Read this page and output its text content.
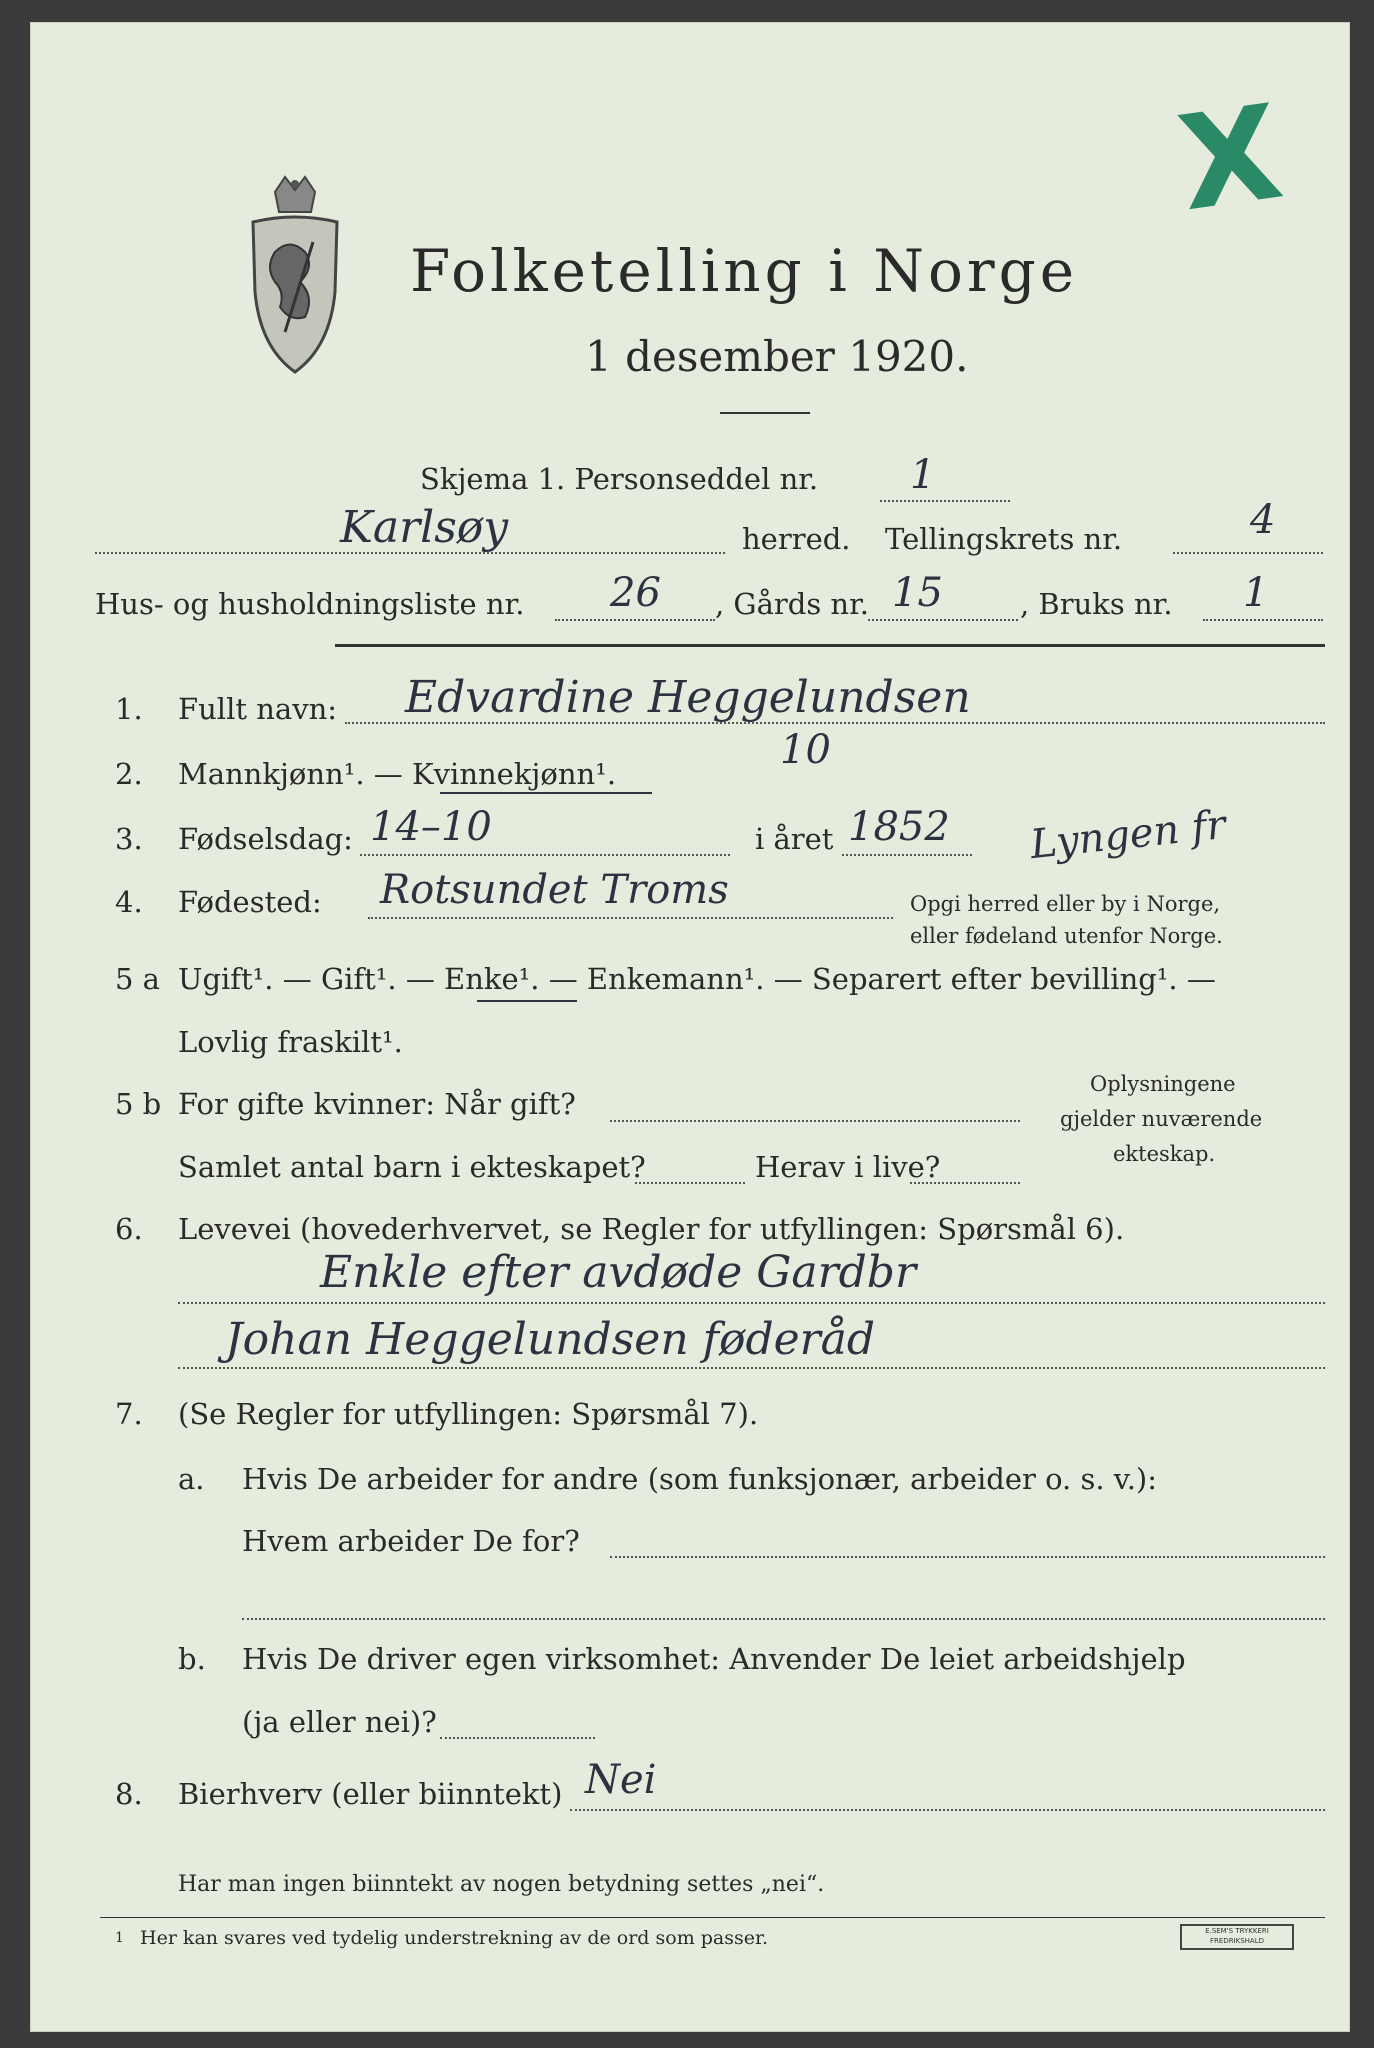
X
Folketelling i Norge
1 desember 1920.
Skjema 1. Personseddel nr. 1
Karlsøy	herred. Tellingskrets nr.	4
Hus- og husholdningsliste nr. 26 , Gårds nr. 15	, Bruks nr. 1
1. Fullt navn: Edvardine Heggelundsen
2. Mannkjønn¹. — Kvinnekjønn¹.
10
3. Fødselsdag: 14–10	i året 1852 Lyngen fr
4. Fødested: Rotsundet Troms	Opgi herred eller by i Norge,
eller fødeland utenfor Norge.
5 a Ugift¹. — Gift¹. — Enke¹. — Enkemann¹. — Separert efter bevilling¹. —
Lovlig fraskilt¹.
5 b For gifte kvinner: Når gift?
Samlet antal barn i ekteskapet?	Herav i live?
Oplysningene
gjelder nuværende
ekteskap.
6. Levevei (hovederhvervet, se Regler for utfyllingen: Spørsmål 6).
Enkle efter avdøde Gardbr
Johan Heggelundsen føderåd
7. (Se Regler for utfyllingen: Spørsmål 7).
a. Hvis De arbeider for andre (som funksjonær, arbeider o. s. v.):
Hvem arbeider De for?
b. Hvis De driver egen virksomhet: Anvender De leiet arbeidshjelp
(ja eller nei)?
8. Bierhverv (eller biinntekt) Nei
Har man ingen biinntekt av nogen betydning settes „nei“.
1 Her kan svares ved tydelig understrekning av de ord som passer.	E.SEM'S TRYKKERI FREDRIKSHALD
